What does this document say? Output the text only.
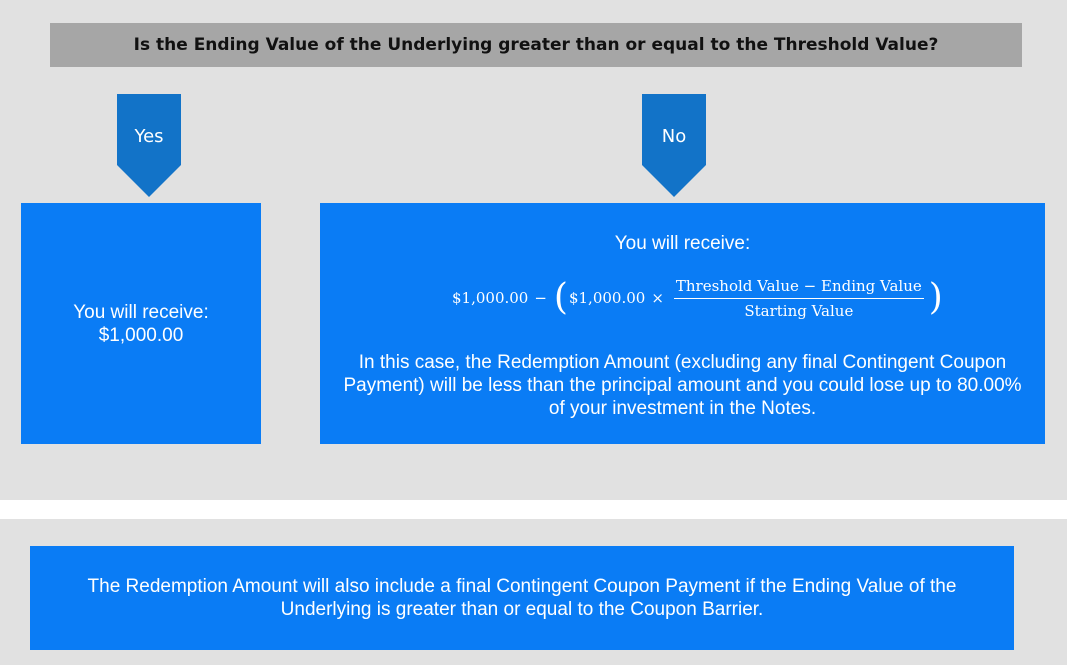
Is the Ending Value of the Underlying greater than or equal to the Threshold Value?
Yes	No
You will receive:
$1,000.00
You will receive:
$1,000.00 − ( $1,000.00 × $\frac{\text{Threshold Value − Ending Value}}{\text{Starting Value}}$ )
In this case, the Redemption Amount (excluding any final Contingent Coupon Payment) will be less than the principal amount and you could lose up to 80.00% of your investment in the Notes.
The Redemption Amount will also include a final Contingent Coupon Payment if the Ending Value of the Underlying is greater than or equal to the Coupon Barrier.
